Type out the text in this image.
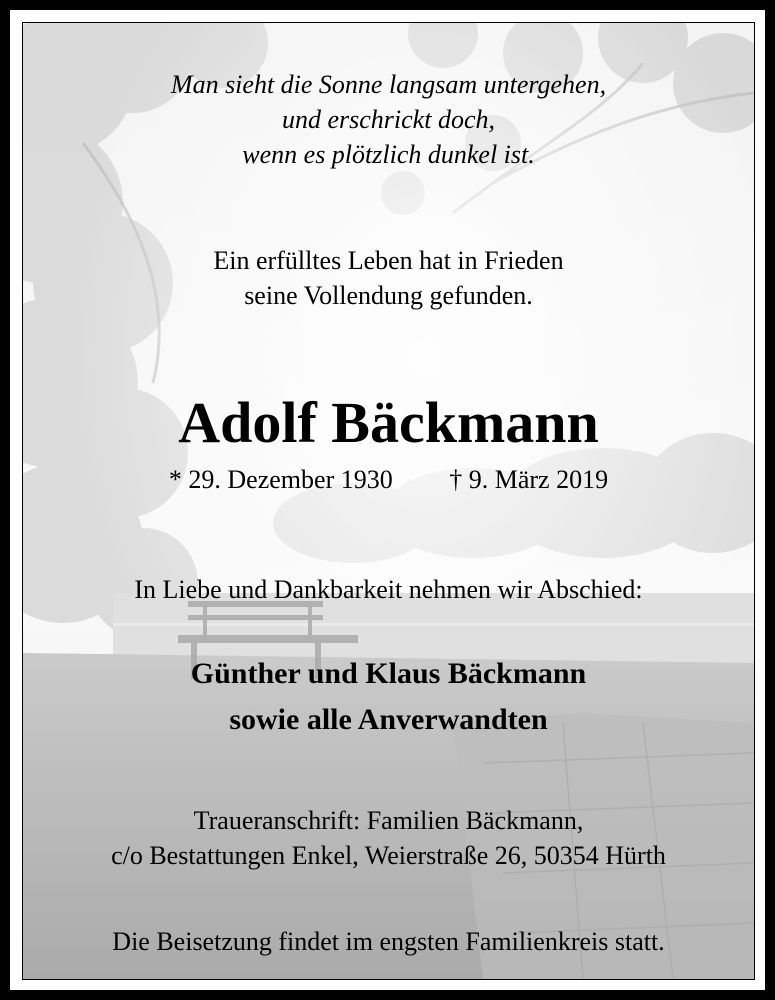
Man sieht die Sonne langsam untergehen,
und erschrickt doch,
wenn es plötzlich dunkel ist.
Ein erfülltes Leben hat in Frieden
seine Vollendung gefunden.
Adolf Bäckmann
* 29. Dezember 1930 † 9. März 2019
In Liebe und Dankbarkeit nehmen wir Abschied:
Günther und Klaus Bäckmann
sowie alle Anverwandten
Traueranschrift: Familien Bäckmann,
c/o Bestattungen Enkel, Weierstraße 26, 50354 Hürth
Die Beisetzung findet im engsten Familienkreis statt.
